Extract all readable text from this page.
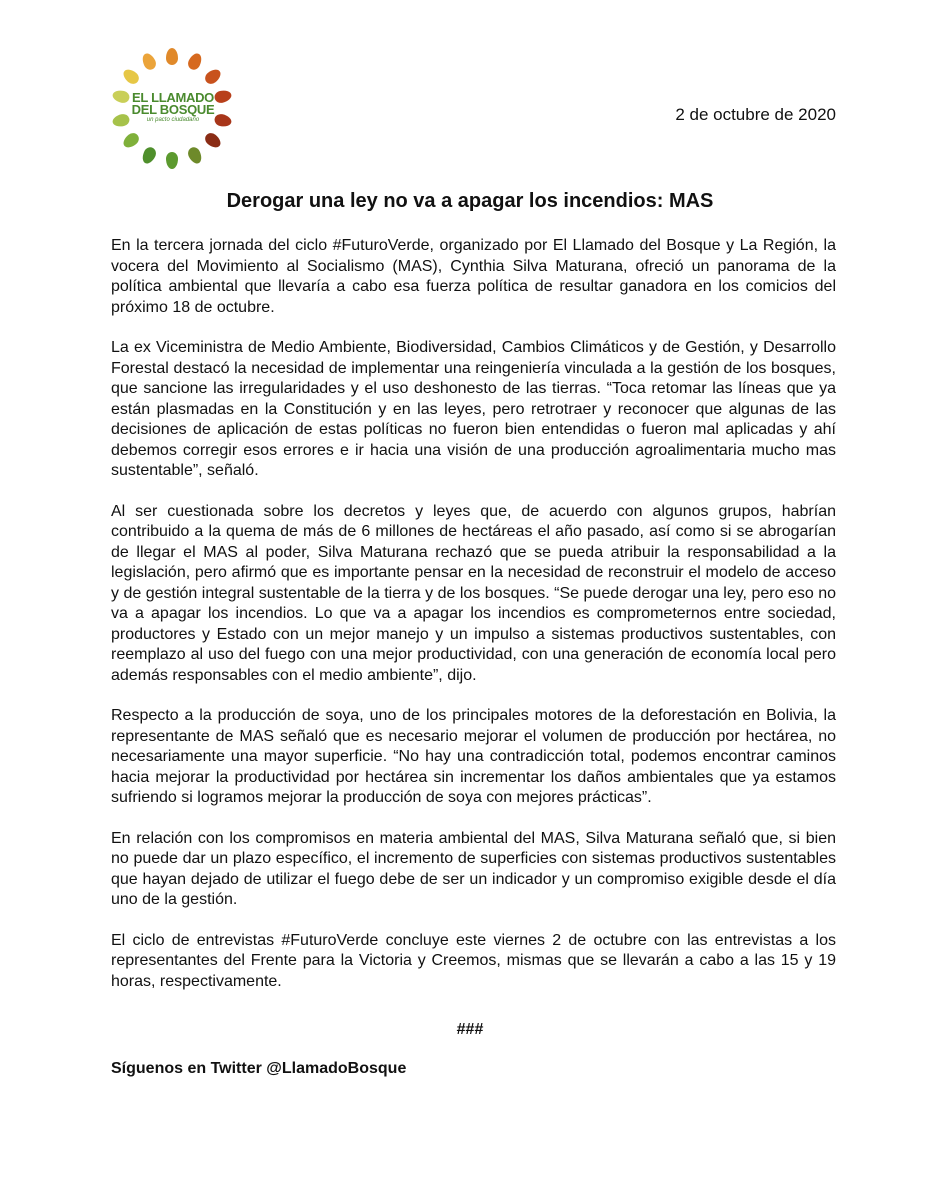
EL LLAMADO
DEL BOSQUE
un pacto ciudadano	2 de octubre de 2020
Derogar una ley no va a apagar los incendios: MAS

En la tercera jornada del ciclo #FuturoVerde, organizado por El Llamado del Bosque y La Región, la vocera del Movimiento al Socialismo (MAS), Cynthia Silva Maturana, ofreció un panorama de la política ambiental que llevaría a cabo esa fuerza política de resultar ganadora en los comicios del próximo 18 de octubre.

La ex Viceministra de Medio Ambiente, Biodiversidad, Cambios Climáticos y de Gestión, y Desarrollo Forestal destacó la necesidad de implementar una reingeniería vinculada a la gestión de los bosques, que sancione las irregularidades y el uso deshonesto de las tierras. “Toca retomar las líneas que ya están plasmadas en la Constitución y en las leyes, pero retrotraer y reconocer que algunas de las decisiones de aplicación de estas políticas no fueron bien entendidas o fueron mal aplicadas y ahí debemos corregir esos errores e ir hacia una visión de una producción agroalimentaria mucho mas sustentable”, señaló.

Al ser cuestionada sobre los decretos y leyes que, de acuerdo con algunos grupos, habrían contribuido a la quema de más de 6 millones de hectáreas el año pasado, así como si se abrogarían de llegar el MAS al poder, Silva Maturana rechazó que se pueda atribuir la responsabilidad a la legislación, pero afirmó que es importante pensar en la necesidad de reconstruir el modelo de acceso y de gestión integral sustentable de la tierra y de los bosques. “Se puede derogar una ley, pero eso no va a apagar los incendios. Lo que va a apagar los incendios es comprometernos entre sociedad, productores y Estado con un mejor manejo y un impulso a sistemas productivos sustentables, con reemplazo al uso del fuego con una mejor productividad, con una generación de economía local pero además responsables con el medio ambiente”, dijo.

Respecto a la producción de soya, uno de los principales motores de la deforestación en Bolivia, la representante de MAS señaló que es necesario mejorar el volumen de producción por hectárea, no necesariamente una mayor superficie. “No hay una contradicción total, podemos encontrar caminos hacia mejorar la productividad por hectárea sin incrementar los daños ambientales que ya estamos sufriendo si logramos mejorar la producción de soya con mejores prácticas”.

En relación con los compromisos en materia ambiental del MAS, Silva Maturana señaló que, si bien no puede dar un plazo específico, el incremento de superficies con sistemas productivos sustentables que hayan dejado de utilizar el fuego debe de ser un indicador y un compromiso exigible desde el día uno de la gestión.

El ciclo de entrevistas #FuturoVerde concluye este viernes 2 de octubre con las entrevistas a los representantes del Frente para la Victoria y Creemos, mismas que se llevarán a cabo a las 15 y 19 horas, respectivamente.

###
Síguenos en Twitter @LlamadoBosque
